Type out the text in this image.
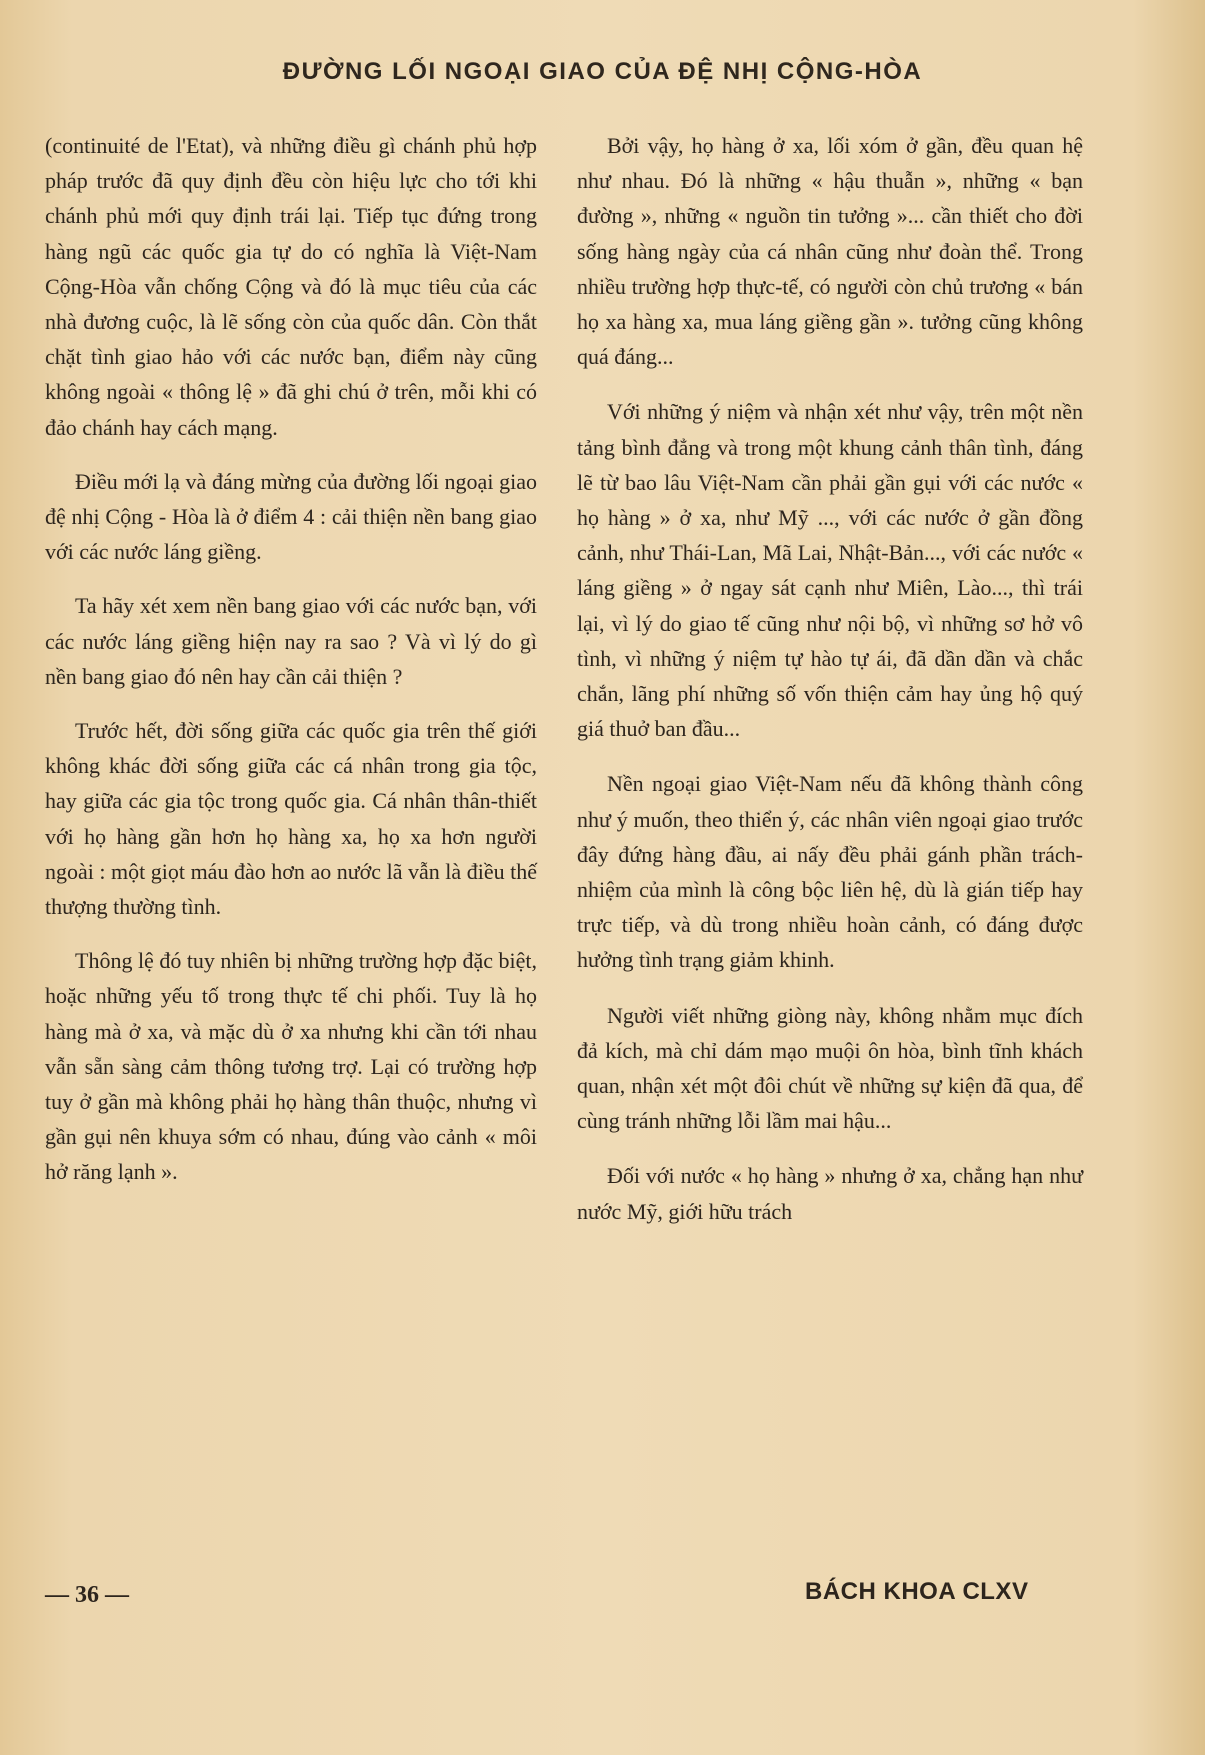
ĐƯỜNG LỐI NGOẠI GIAO CỦA ĐỆ NHỊ CỘNG-HÒA

(continuité de l'Etat), và những điều gì chánh phủ hợp pháp trước đã quy định đều còn hiệu lực cho tới khi chánh phủ mới quy định trái lại. Tiếp tục đứng trong hàng ngũ các quốc gia tự do có nghĩa là Việt-Nam Cộng-Hòa vẫn chống Cộng và đó là mục tiêu của các nhà đương cuộc, là lẽ sống còn của quốc dân. Còn thắt chặt tình giao hảo với các nước bạn, điểm này cũng không ngoài « thông lệ » đã ghi chú ở trên, mỗi khi có đảo chánh hay cách mạng.

Điều mới lạ và đáng mừng của đường lối ngoại giao đệ nhị Cộng - Hòa là ở điểm 4 : cải thiện nền bang giao với các nước láng giềng.

Ta hãy xét xem nền bang giao với các nước bạn, với các nước láng giềng hiện nay ra sao ? Và vì lý do gì nền bang giao đó nên hay cần cải thiện ?

Trước hết, đời sống giữa các quốc gia trên thế giới không khác đời sống giữa các cá nhân trong gia tộc, hay giữa các gia tộc trong quốc gia. Cá nhân thân-thiết với họ hàng gần hơn họ hàng xa, họ xa hơn người ngoài : một giọt máu đào hơn ao nước lã vẫn là điều thế thượng thường tình.

Thông lệ đó tuy nhiên bị những trường hợp đặc biệt, hoặc những yếu tố trong thực tế chi phối. Tuy là họ hàng mà ở xa, và mặc dù ở xa nhưng khi cần tới nhau vẫn sẵn sàng cảm thông tương trợ. Lại có trường hợp tuy ở gần mà không phải họ hàng thân thuộc, nhưng vì gần gụi nên khuya sớm có nhau, đúng vào cảnh « môi hở răng lạnh ».

Bởi vậy, họ hàng ở xa, lối xóm ở gần, đều quan hệ như nhau. Đó là những « hậu thuẫn », những « bạn đường », những « nguồn tin tưởng »... cần thiết cho đời sống hàng ngày của cá nhân cũng như đoàn thể. Trong nhiều trường hợp thực-tế, có người còn chủ trương « bán họ xa hàng xa, mua láng giềng gần ». tưởng cũng không quá đáng...

Với những ý niệm và nhận xét như vậy, trên một nền tảng bình đẳng và trong một khung cảnh thân tình, đáng lẽ từ bao lâu Việt-Nam cần phải gần gụi với các nước « họ hàng » ở xa, như Mỹ ..., với các nước ở gần đồng cảnh, như Thái-Lan, Mã Lai, Nhật-Bản..., với các nước « láng giềng » ở ngay sát cạnh như Miên, Lào..., thì trái lại, vì lý do giao tế cũng như nội bộ, vì những sơ hở vô tình, vì những ý niệm tự hào tự ái, đã dần dần và chắc chắn, lãng phí những số vốn thiện cảm hay ủng hộ quý giá thuở ban đầu...

Nền ngoại giao Việt-Nam nếu đã không thành công như ý muốn, theo thiển ý, các nhân viên ngoại giao trước đây đứng hàng đầu, ai nấy đều phải gánh phần trách-nhiệm của mình là công bộc liên hệ, dù là gián tiếp hay trực tiếp, và dù trong nhiều hoàn cảnh, có đáng được hưởng tình trạng giảm khinh.

Người viết những giòng này, không nhằm mục đích đả kích, mà chỉ dám mạo muội ôn hòa, bình tĩnh khách quan, nhận xét một đôi chút về những sự kiện đã qua, để cùng tránh những lỗi lầm mai hậu...

Đối với nước « họ hàng » nhưng ở xa, chẳng hạn như nước Mỹ, giới hữu trách

— 36 —	BÁCH KHOA CLXV
